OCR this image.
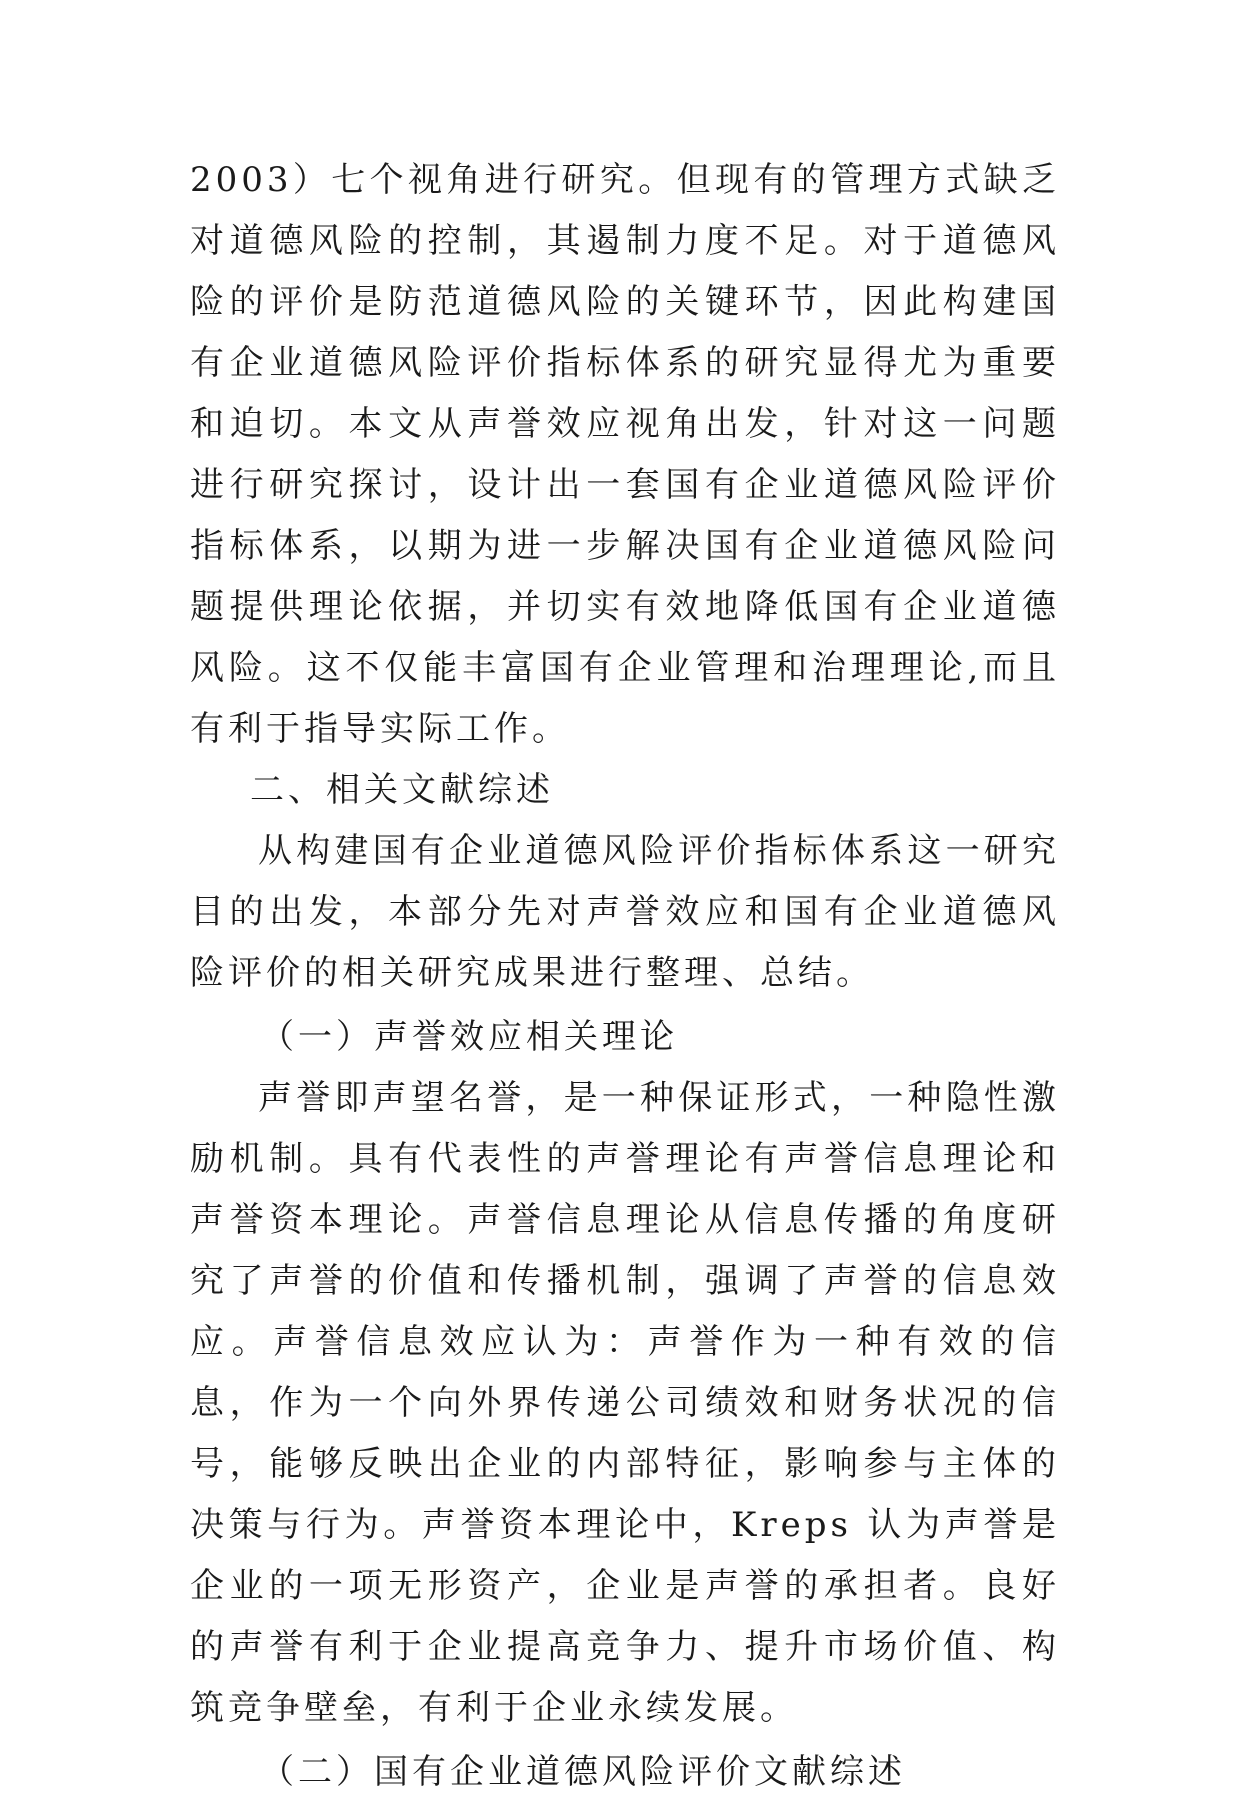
2003）七个视角进行研究。但现有的管理方式缺乏对道德风险的控制，其遏制力度不足。对于道德风险的评价是防范道德风险的关键环节，因此构建国有企业道德风险评价指标体系的研究显得尤为重要和迫切。本文从声誉效应视角出发，针对这一问题进行研究探讨，设计出一套国有企业道德风险评价指标体系，以期为进一步解决国有企业道德风险问题提供理论依据，并切实有效地降低国有企业道德风险。这不仅能丰富国有企业管理和治理理论,而且有利于指导实际工作。

二、相关文献综述

从构建国有企业道德风险评价指标体系这一研究目的出发，本部分先对声誉效应和国有企业道德风险评价的相关研究成果进行整理、总结。

（一）声誉效应相关理论

声誉即声望名誉，是一种保证形式，一种隐性激励机制。具有代表性的声誉理论有声誉信息理论和声誉资本理论。声誉信息理论从信息传播的角度研究了声誉的价值和传播机制，强调了声誉的信息效应。声誉信息效应认为：声誉作为一种有效的信息，作为一个向外界传递公司绩效和财务状况的信号，能够反映出企业的内部特征，影响参与主体的决策与行为。声誉资本理论中，Kreps 认为声誉是企业的一项无形资产，企业是声誉的承担者。良好的声誉有利于企业提高竞争力、提升市场价值、构筑竞争壁垒，有利于企业永续发展。

（二）国有企业道德风险评价文献综述
